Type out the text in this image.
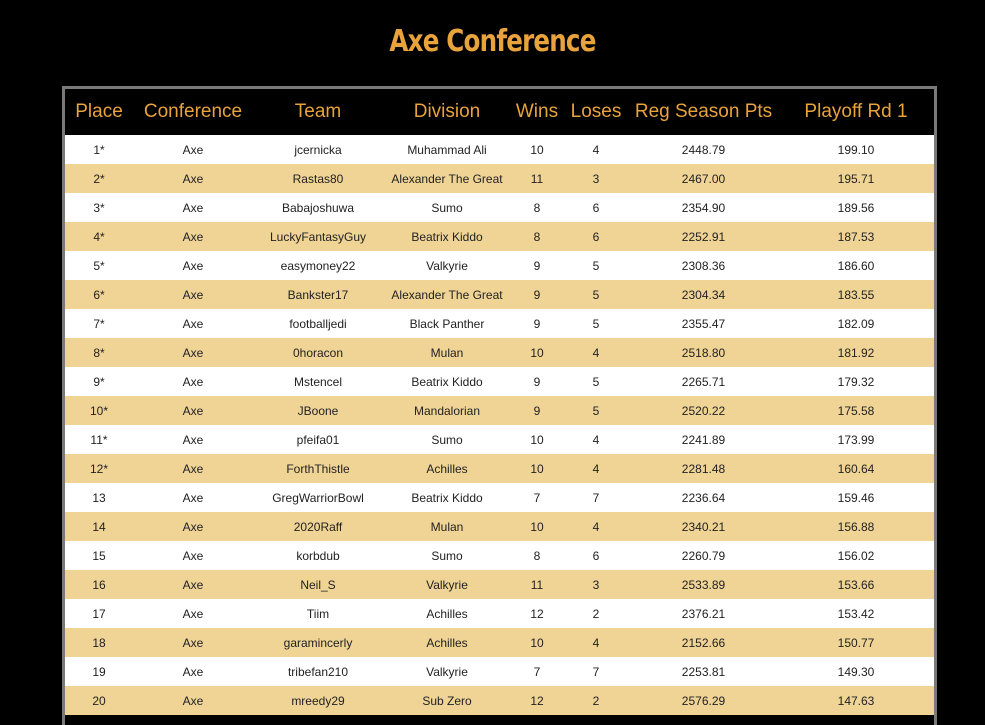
Axe Conference
Place	Conference	Team	Division	Wins	Loses	Reg Season Pts	Playoff Rd 1
1*	Axe	jcernicka	Muhammad Ali	10	4	2448.79	199.10
2*	Axe	Rastas80	Alexander The Great	11	3	2467.00	195.71
3*	Axe	Babajoshuwa	Sumo	8	6	2354.90	189.56
4*	Axe	LuckyFantasyGuy	Beatrix Kiddo	8	6	2252.91	187.53
5*	Axe	easymoney22	Valkyrie	9	5	2308.36	186.60
6*	Axe	Bankster17	Alexander The Great	9	5	2304.34	183.55
7*	Axe	footballjedi	Black Panther	9	5	2355.47	182.09
8*	Axe	0horacon	Mulan	10	4	2518.80	181.92
9*	Axe	Mstencel	Beatrix Kiddo	9	5	2265.71	179.32
10*	Axe	JBoone	Mandalorian	9	5	2520.22	175.58
11*	Axe	pfeifa01	Sumo	10	4	2241.89	173.99
12*	Axe	ForthThistle	Achilles	10	4	2281.48	160.64
13	Axe	GregWarriorBowl	Beatrix Kiddo	7	7	2236.64	159.46
14	Axe	2020Raff	Mulan	10	4	2340.21	156.88
15	Axe	korbdub	Sumo	8	6	2260.79	156.02
16	Axe	Neil_S	Valkyrie	11	3	2533.89	153.66
17	Axe	Tiim	Achilles	12	2	2376.21	153.42
18	Axe	garamincerly	Achilles	10	4	2152.66	150.77
19	Axe	tribefan210	Valkyrie	7	7	2253.81	149.30
20	Axe	mreedy29	Sub Zero	12	2	2576.29	147.63
